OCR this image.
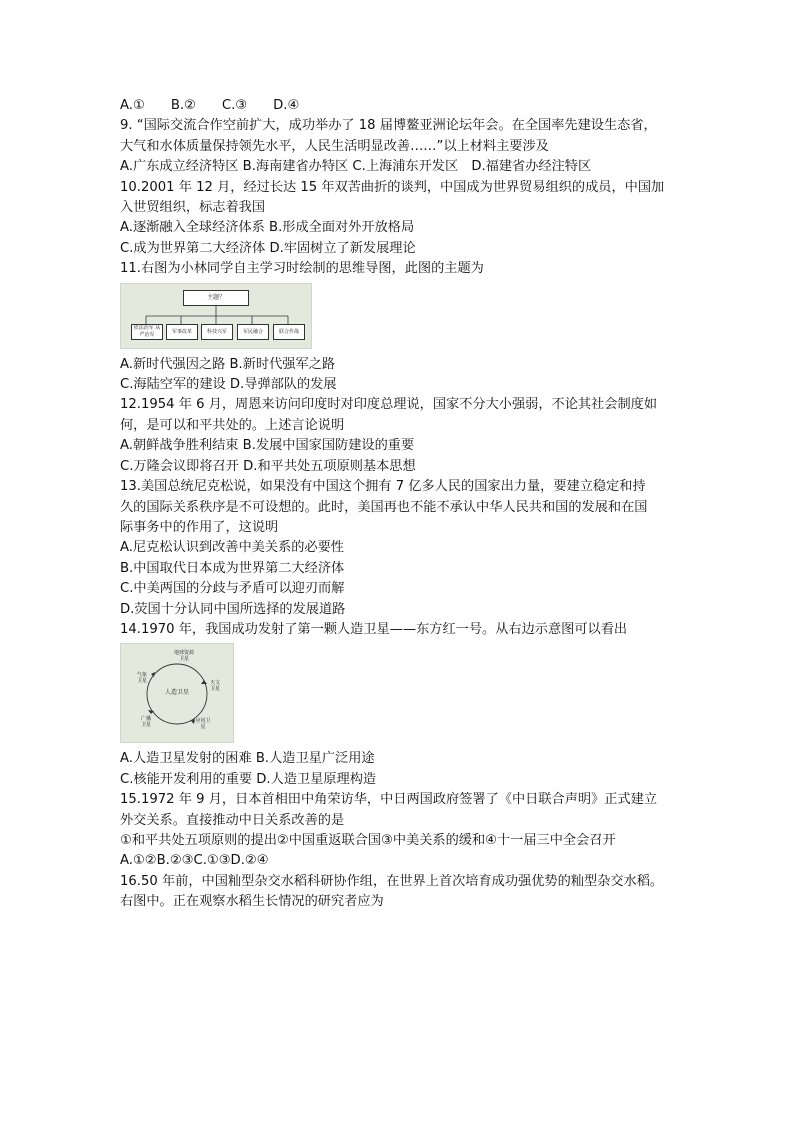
A.① B.② C.③ D.④
9. “国际交流合作空前扩大，成功举办了 18 届博鳌亚洲论坛年会。在全国率先建设生态省，
大气和水体质量保持领先水平，人民生活明显改善……”以上材料主要涉及
A.广东成立经济特区 B.海南建省办特区 C.上海浦东开发区　D.福建省办经注特区
10.2001 年 12 月，经过长达 15 年双苦曲折的谈判，中国成为世界贸易组织的成员，中国加
入世贸组织，标志着我国
A.逐渐融入全球经济体系 B.形成全面对外开放格局
C.成为世界第二大经济体 D.牢固树立了新发展理论
11.右图为小林同学自主学习时绘制的思维导图，此图的主题为
主题？
依法治军 从严治军	军事改革	科技兴军	军民融合	联合作战
A.新时代强因之路 B.新时代强军之路
C.海陆空军的建设 D.导弹部队的发展
12.1954 年 6 月，周恩来访问印度时对印度总理说，国家不分大小强弱，不论其社会制度如
何，是可以和平共处的。上述言论说明
A.朝鲜战争胜利结束 B.发展中国家国防建设的重要
C.万隆会议即将召开 D.和平共处五项原则基本思想
13.美国总统尼克松说，如果没有中国这个拥有 7 亿多人民的国家出力量，要建立稳定和持
久的国际关系秩序是不可设想的。此时，美国再也不能不承认中华人民共和国的发展和在国
际事务中的作用了，这说明
A.尼克松认识到改善中美关系的必要性
B.中国取代日本成为世界第二大经济体
C.中美两国的分歧与矛盾可以迎刃而解
D.荧国十分认同中国所选择的发展道路
14.1970 年，我国成功发射了第一颗人造卫星——东方红一号。从右边示意图可以看出
人造卫星
地球资源卫星
天文卫星
应用卫星
广播卫星
气象卫星
A.人造卫星发射的困难 B.人造卫星广泛用途
C.核能开发利用的重要 D.人造卫星原理构造
15.1972 年 9 月，日本首相田中角荣访华，中日两国政府签署了《中日联合声明》正式建立
外交关系。直接推动中日关系改善的是
①和平共处五项原则的提出②中国重返联合国③中美关系的缓和④十一届三中全会召开
A.①②B.②③C.①③D.②④
16.50 年前，中国籼型杂交水稻科研协作组，在世界上首次培育成功强优势的籼型杂交水稻。
右图中。正在观察水稻生长情况的研究者应为
